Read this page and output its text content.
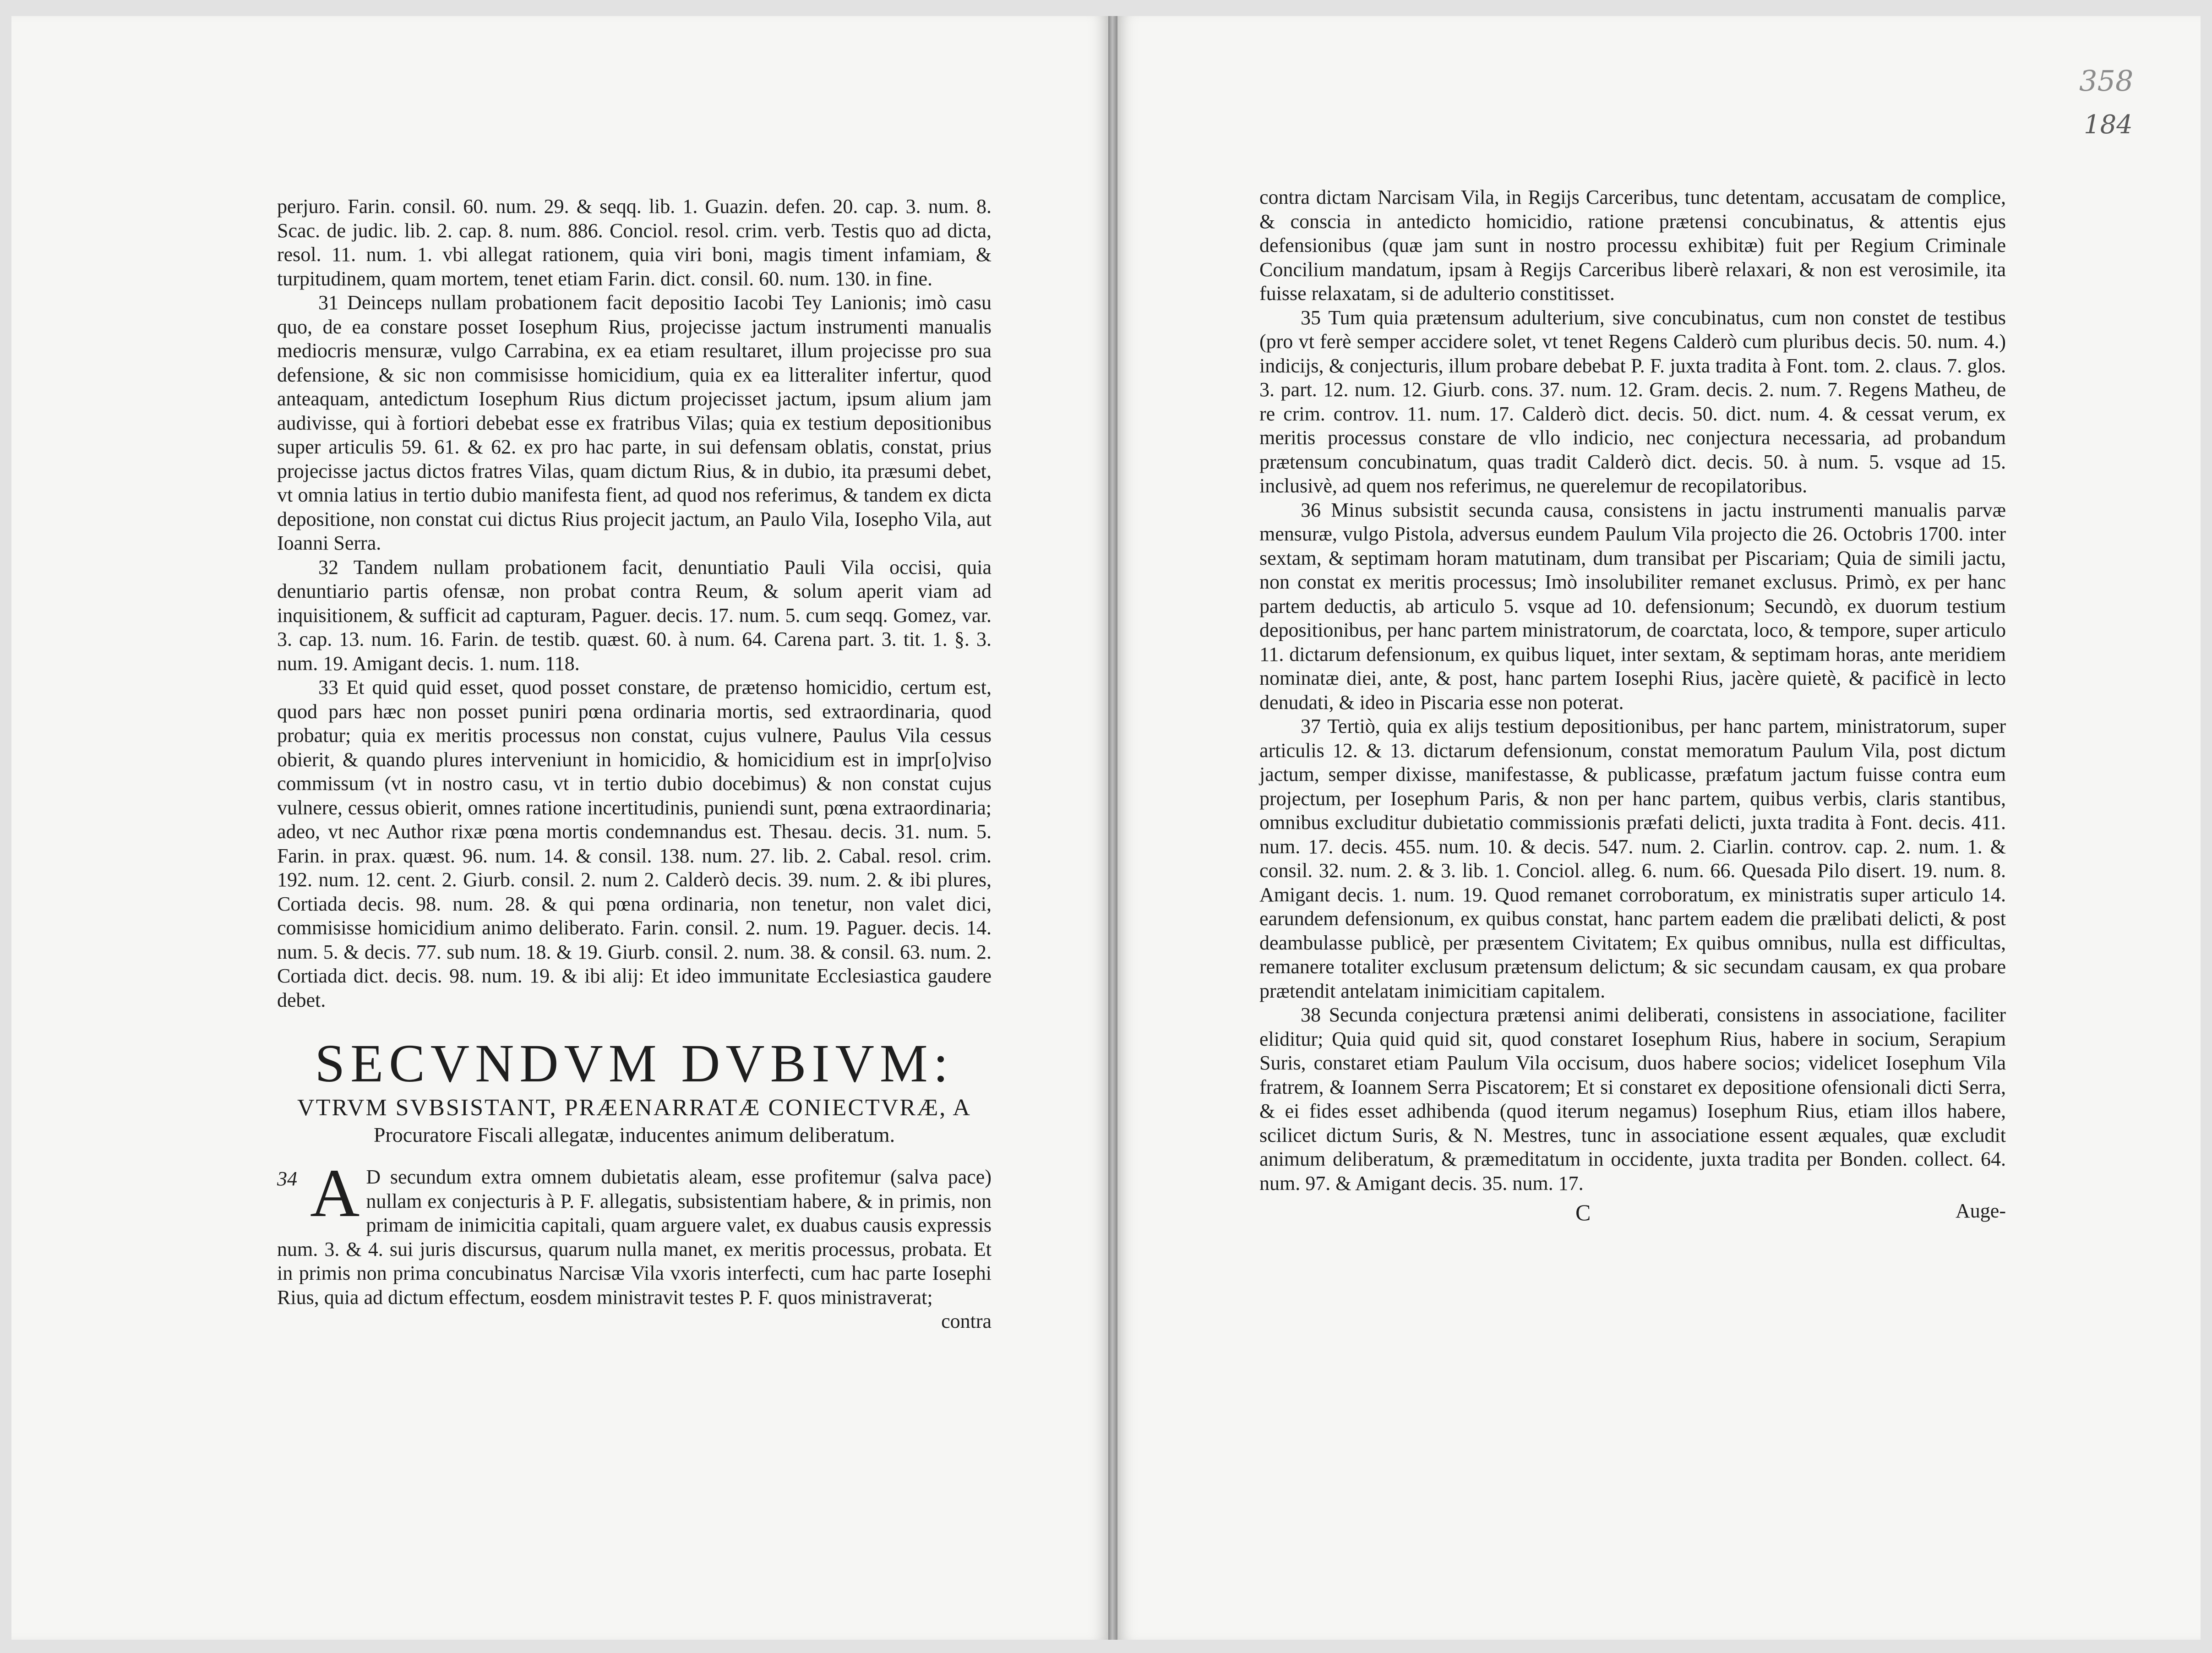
perjuro. Farin. consil. 60. num. 29. & seqq. lib. 1. Guazin. defen. 20. cap. 3. num. 8. Scac. de judic. lib. 2. cap. 8. num. 886. Conciol. resol. crim. verb. Testis quo ad dicta, resol. 11. num. 1. vbi allegat rationem, quia viri boni, magis timent infamiam, & turpitudinem, quam mortem, tenet etiam Farin. dict. consil. 60. num. 130. in fine.

31 Deinceps nullam probationem facit depositio Iacobi Tey Lanionis; imò casu quo, de ea constare posset Iosephum Rius, projecisse jactum instrumenti manualis mediocris mensuræ, vulgo Carrabina, ex ea etiam resultaret, illum projecisse pro sua defensione, & sic non commisisse homicidium, quia ex ea litteraliter infertur, quod anteaquam, antedictum Iosephum Rius dictum projecisset jactum, ipsum alium jam audivisse, qui à fortiori debebat esse ex fratribus Vilas; quia ex testium depositionibus super articulis 59. 61. & 62. ex pro hac parte, in sui defensam oblatis, constat, prius projecisse jactus dictos fratres Vilas, quam dictum Rius, & in dubio, ita præsumi debet, vt omnia latius in tertio dubio manifesta fient, ad quod nos referimus, & tandem ex dicta depositione, non constat cui dictus Rius projecit jactum, an Paulo Vila, Iosepho Vila, aut Ioanni Serra.

32 Tandem nullam probationem facit, denuntiatio Pauli Vila occisi, quia denuntiario partis ofensæ, non probat contra Reum, & solum aperit viam ad inquisitionem, & sufficit ad capturam, Paguer. decis. 17. num. 5. cum seqq. Gomez, var. 3. cap. 13. num. 16. Farin. de testib. quæst. 60. à num. 64. Carena part. 3. tit. 1. §. 3. num. 19. Amigant decis. 1. num. 118.

33 Et quid quid esset, quod posset constare, de prætenso homicidio, certum est, quod pars hæc non posset puniri pœna ordinaria mortis, sed extraordinaria, quod probatur; quia ex meritis processus non constat, cujus vulnere, Paulus Vila cessus obierit, & quando plures interveniunt in homicidio, & homicidium est in impr[o]viso commissum (vt in nostro casu, vt in tertio dubio docebimus) & non constat cujus vulnere, cessus obierit, omnes ratione incertitudinis, puniendi sunt, pœna extraordinaria; adeo, vt nec Author rixæ pœna mortis condemnandus est. Thesau. decis. 31. num. 5. Farin. in prax. quæst. 96. num. 14. & consil. 138. num. 27. lib. 2. Cabal. resol. crim. 192. num. 12. cent. 2. Giurb. consil. 2. num 2. Calderò decis. 39. num. 2. & ibi plures, Cortiada decis. 98. num. 28. & qui pœna ordinaria, non tenetur, non valet dici, commisisse homicidium animo deliberato. Farin. consil. 2. num. 19. Paguer. decis. 14. num. 5. & decis. 77. sub num. 18. & 19. Giurb. consil. 2. num. 38. & consil. 63. num. 2. Cortiada dict. decis. 98. num. 19. & ibi alij: Et ideo immunitate Ecclesiastica gaudere debet.

SECVNDVM DVBIVM:
VTRVM SVBSISTANT, PRÆENARRATÆ CONIECTVRÆ, A
Procuratore Fiscali allegatæ, inducentes animum deliberatum.

34 A D secundum extra omnem dubietatis aleam, esse profitemur (salva pace) nullam ex conjecturis à P. F. allegatis, subsistentiam habere, & in primis, non primam de inimicitia capitali, quam arguere valet, ex duabus causis expressis num. 3. & 4. sui juris discursus, quarum nulla manet, ex meritis processus, probata. Et in primis non prima concubinatus Narcisæ Vila vxoris interfecti, cum hac parte Iosephi Rius, quia ad dictum effectum, eosdem ministravit testes P. F. quos ministraverat;

contra
358
184

contra dictam Narcisam Vila, in Regijs Carceribus, tunc detentam, accusatam de complice, & conscia in antedicto homicidio, ratione prætensi concubinatus, & attentis ejus defensionibus (quæ jam sunt in nostro processu exhibitæ) fuit per Regium Criminale Concilium mandatum, ipsam à Regijs Carceribus liberè relaxari, & non est verosimile, ita fuisse relaxatam, si de adulterio constitisset.

35 Tum quia prætensum adulterium, sive concubinatus, cum non constet de testibus (pro vt ferè semper accidere solet, vt tenet Regens Calderò cum pluribus decis. 50. num. 4.) indicijs, & conjecturis, illum probare debebat P. F. juxta tradita à Font. tom. 2. claus. 7. glos. 3. part. 12. num. 12. Giurb. cons. 37. num. 12. Gram. decis. 2. num. 7. Regens Matheu, de re crim. controv. 11. num. 17. Calderò dict. decis. 50. dict. num. 4. & cessat verum, ex meritis processus constare de vllo indicio, nec conjectura necessaria, ad probandum prætensum concubinatum, quas tradit Calderò dict. decis. 50. à num. 5. vsque ad 15. inclusivè, ad quem nos referimus, ne querelemur de recopilatoribus.

36 Minus subsistit secunda causa, consistens in jactu instrumenti manualis parvæ mensuræ, vulgo Pistola, adversus eundem Paulum Vila projecto die 26. Octobris 1700. inter sextam, & septimam horam matutinam, dum transibat per Piscariam; Quia de simili jactu, non constat ex meritis processus; Imò insolubiliter remanet exclusus. Primò, ex per hanc partem deductis, ab articulo 5. vsque ad 10. defensionum; Secundò, ex duorum testium depositionibus, per hanc partem ministratorum, de coarctata, loco, & tempore, super articulo 11. dictarum defensionum, ex quibus liquet, inter sextam, & septimam horas, ante meridiem nominatæ diei, ante, & post, hanc partem Iosephi Rius, jacère quietè, & pacificè in lecto denudati, & ideo in Piscaria esse non poterat.

37 Tertiò, quia ex alijs testium depositionibus, per hanc partem, ministratorum, super articulis 12. & 13. dictarum defensionum, constat memoratum Paulum Vila, post dictum jactum, semper dixisse, manifestasse, & publicasse, præfatum jactum fuisse contra eum projectum, per Iosephum Paris, & non per hanc partem, quibus verbis, claris stantibus, omnibus excluditur dubietatio commissionis præfati delicti, juxta tradita à Font. decis. 411. num. 17. decis. 455. num. 10. & decis. 547. num. 2. Ciarlin. controv. cap. 2. num. 1. & consil. 32. num. 2. & 3. lib. 1. Conciol. alleg. 6. num. 66. Quesada Pilo disert. 19. num. 8. Amigant decis. 1. num. 19. Quod remanet corroboratum, ex ministratis super articulo 14. earundem defensionum, ex quibus constat, hanc partem eadem die prælibati delicti, & post deambulasse publicè, per præsentem Civitatem; Ex quibus omnibus, nulla est difficultas, remanere totaliter exclusum prætensum delictum; & sic secundam causam, ex qua probare prætendit antelatam inimicitiam capitalem.

38 Secunda conjectura prætensi animi deliberati, consistens in associatione, faciliter eliditur; Quia quid quid sit, quod constaret Iosephum Rius, habere in socium, Serapium Suris, constaret etiam Paulum Vila occisum, duos habere socios; videlicet Iosephum Vila fratrem, & Ioannem Serra Piscatorem; Et si constaret ex depositione ofensionali dicti Serra, & ei fides esset adhibenda (quod iterum negamus) Iosephum Rius, etiam illos habere, scilicet dictum Suris, & N. Mestres, tunc in associatione essent æquales, quæ excludit animum deliberatum, & præmeditatum in occidente, juxta tradita per Bonden. collect. 64. num. 97. & Amigant decis. 35. num. 17.

C	Auge-
